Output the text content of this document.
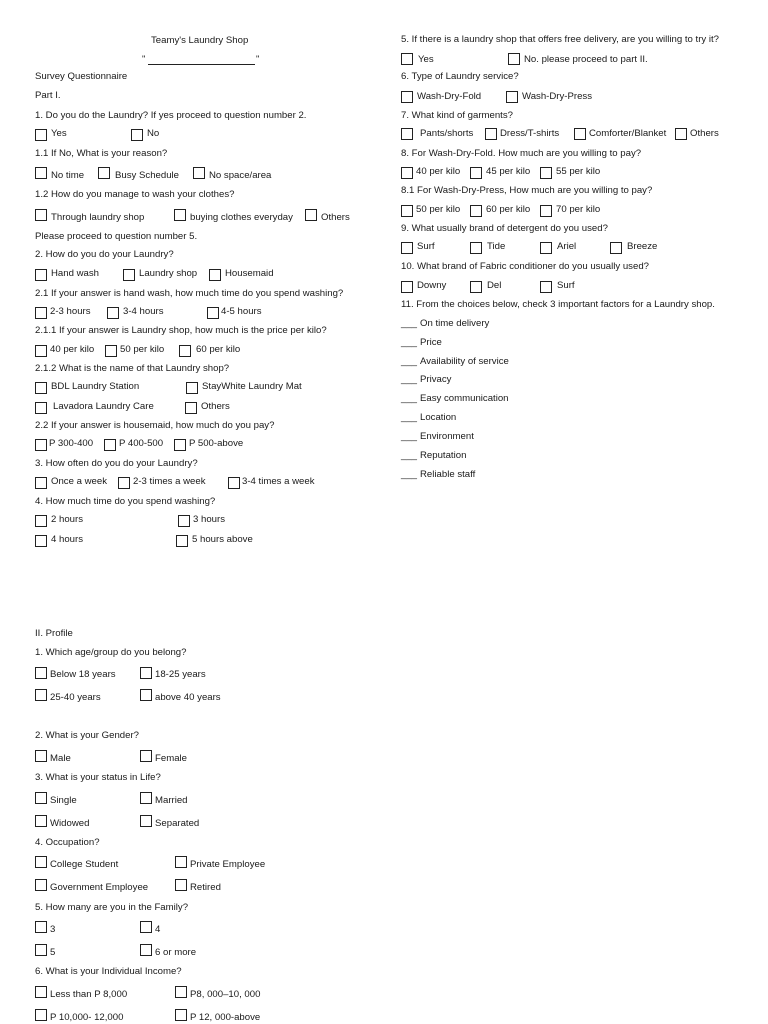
Teamy's Laundry Shop
"	"
Survey Questionnaire
Part I.
1. Do you do the Laundry? If yes proceed to question number 2.
Yes	No
1.1 If No, What is your reason?
No time	Busy Schedule	No space/area
1.2 How do you manage to wash your clothes?
Through laundry shop	buying clothes everyday	Others
Please proceed to question number 5.
2. How do you do your Laundry?
Hand wash	Laundry shop	Housemaid
2.1 If your answer is hand wash, how much time do you spend washing?
2-3 hours	3-4 hours	4-5 hours
2.1.1 If your answer is Laundry shop, how much is the price per kilo?
40 per kilo	50 per kilo	60 per kilo
2.1.2 What is the name of that Laundry shop?
BDL Laundry Station	StayWhite Laundry Mat
Lavadora Laundry Care	Others
2.2 If your answer is housemaid, how much do you pay?
P 300-400	P 400-500	P 500-above
3. How often do you do your Laundry?
Once a week	2-3 times a week	3-4 times a week
4. How much time do you spend washing?
2 hours	3 hours
4 hours	5 hours above
5. If there is a laundry shop that offers free delivery, are you willing to try it?
Yes	No. please proceed to part II.
6. Type of Laundry service?
Wash-Dry-Fold	Wash-Dry-Press
7. What kind of garments?
Pants/shorts	Dress/T-shirts	Comforter/Blanket Others
8. For Wash-Dry-Fold. How much are you willing to pay?
40 per kilo	45 per kilo	55 per kilo
8.1 For Wash-Dry-Press, How much are you willing to pay?
50 per kilo	60 per kilo	70 per kilo
9. What usually brand of detergent do you used?
Surf	Tide	Ariel	Breeze
10. What brand of Fabric conditioner do you usually used?
Downy	Del	Surf
11. From the choices below, check 3 important factors for a Laundry shop.
___ On time delivery
___ Price
___ Availability of service
___ Privacy
___ Easy communication
___ Location
___ Environment
___ Reputation
___ Reliable staff
II. Profile
1. Which age/group do you belong?
Below 18 years	18-25 years
25-40 years	above 40 years
2. What is your Gender?
Male	Female
3. What is your status in Life?
Single	Married
Widowed	Separated
4. Occupation?
College Student	Private Employee
Government Employee	Retired
5. How many are you in the Family?
3	4
5	6 or more
6. What is your Individual Income?
Less than P 8,000	P8, 000–10, 000
P 10,000- 12,000	P 12, 000-above
